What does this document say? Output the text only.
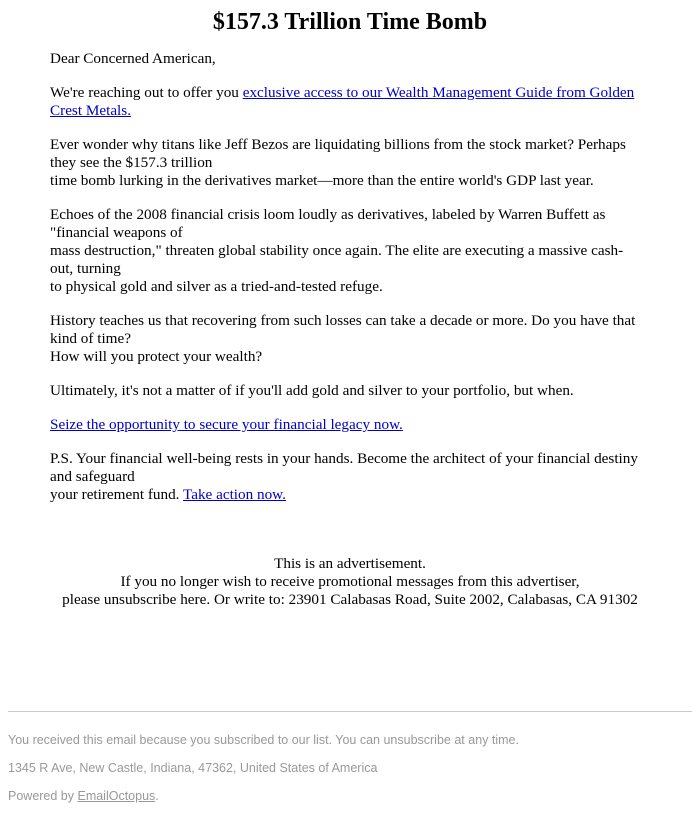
$157.3 Trillion Time Bomb

Dear Concerned American,

We're reaching out to offer you exclusive access to our Wealth Management Guide from Golden Crest Metals.

Ever wonder why titans like Jeff Bezos are liquidating billions from the stock market? Perhaps they see the $157.3 trillion
time bomb lurking in the derivatives market—more than the entire world's GDP last year.

Echoes of the 2008 financial crisis loom loudly as derivatives, labeled by Warren Buffett as "financial weapons of
mass destruction," threaten global stability once again. The elite are executing a massive cash-out, turning
to physical gold and silver as a tried-and-tested refuge.

History teaches us that recovering from such losses can take a decade or more. Do you have that kind of time?
How will you protect your wealth?

Ultimately, it's not a matter of if you'll add gold and silver to your portfolio, but when.

Seize the opportunity to secure your financial legacy now.

P.S. Your financial well-being rests in your hands. Become the architect of your financial destiny and safeguard
your retirement fund. Take action now.

This is an advertisement.
If you no longer wish to receive promotional messages from this advertiser,
please unsubscribe here. Or write to: 23901 Calabasas Road, Suite 2002, Calabasas, CA 91302
You received this email because you subscribed to our list. You can unsubscribe at any time.
1345 R Ave, New Castle, Indiana, 47362, United States of America
Powered by EmailOctopus.
